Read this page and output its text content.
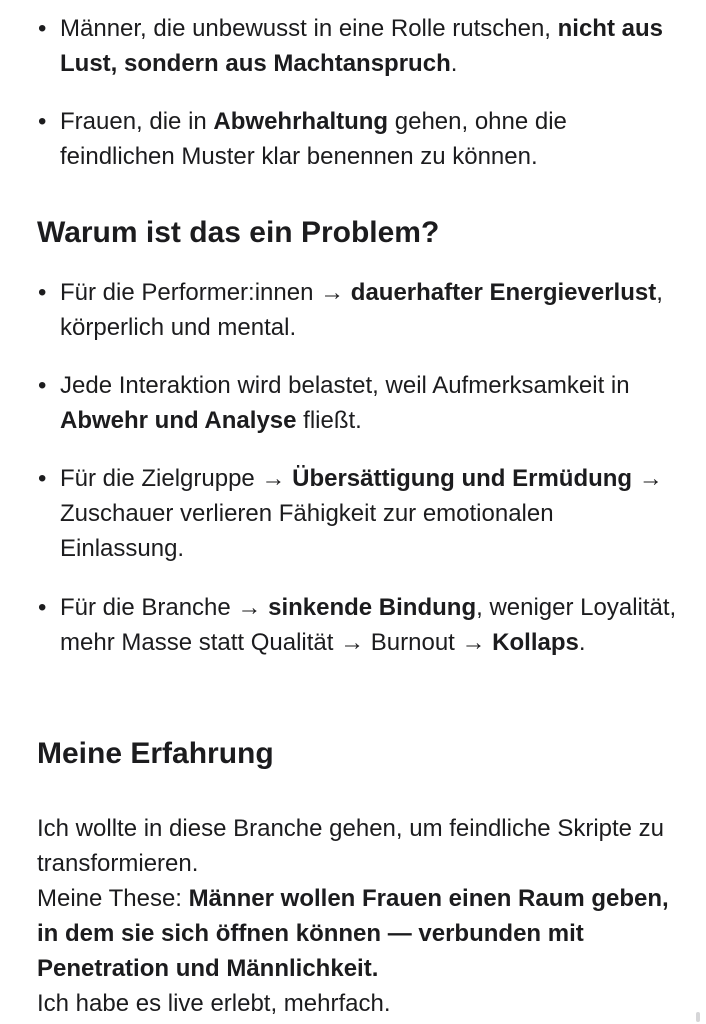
• Männer, die unbewusst in eine Rolle rutschen, nicht aus Lust, sondern aus Machtanspruch.
• Frauen, die in Abwehrhaltung gehen, ohne die feindlichen Muster klar benennen zu können.
Warum ist das ein Problem?
• Für die Performer:innen → dauerhafter Energieverlust, körperlich und mental.
• Jede Interaktion wird belastet, weil Aufmerksamkeit in Abwehr und Analyse fließt.
• Für die Zielgruppe → Übersättigung und Ermüdung → Zuschauer verlieren Fähigkeit zur emotionalen Einlassung.
• Für die Branche → sinkende Bindung, weniger Loyalität, mehr Masse statt Qualität → Burnout → Kollaps.
Meine Erfahrung
Ich wollte in diese Branche gehen, um feindliche Skripte zu transformieren.
Meine These: Männer wollen Frauen einen Raum geben, in dem sie sich öffnen können — verbunden mit Penetration und Männlichkeit.
Ich habe es live erlebt, mehrfach.
